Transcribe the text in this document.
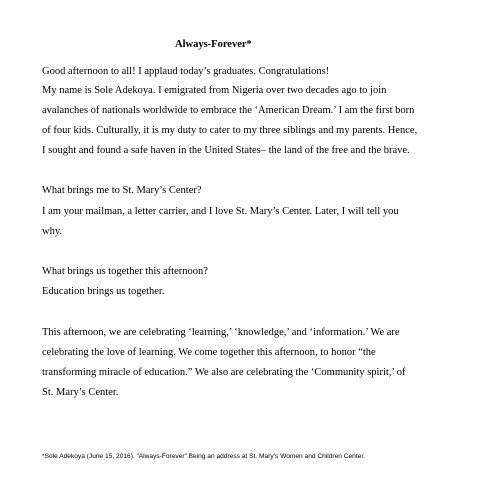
Always-Forever*
Good afternoon to all! I applaud today’s graduates. Congratulations!
My name is Sole Adekoya. I emigrated from Nigeria over two decades ago to join
avalanches of nationals worldwide to embrace the ‘American Dream.’ I am the first born
of four kids. Culturally, it is my duty to cater to my three siblings and my parents. Hence,
I sought and found a safe haven in the United States– the land of the free and the brave.
What brings me to St. Mary’s Center?
I am your mailman, a letter carrier, and I love St. Mary’s Center. Later, I will tell you
why.
What brings us together this afternoon?
Education brings us together.
This afternoon, we are celebrating ‘learning,’ ‘knowledge,’ and ‘information.’ We are
celebrating the love of learning. We come together this afternoon, to honor “the
transforming miracle of education.” We also are celebrating the ‘Community spirit,’ of
St. Mary’s Center.
*Sole Adekoya (June 15, 2016). “Always-Forever” Being an address at St. Mary’s Women and Children Center.
